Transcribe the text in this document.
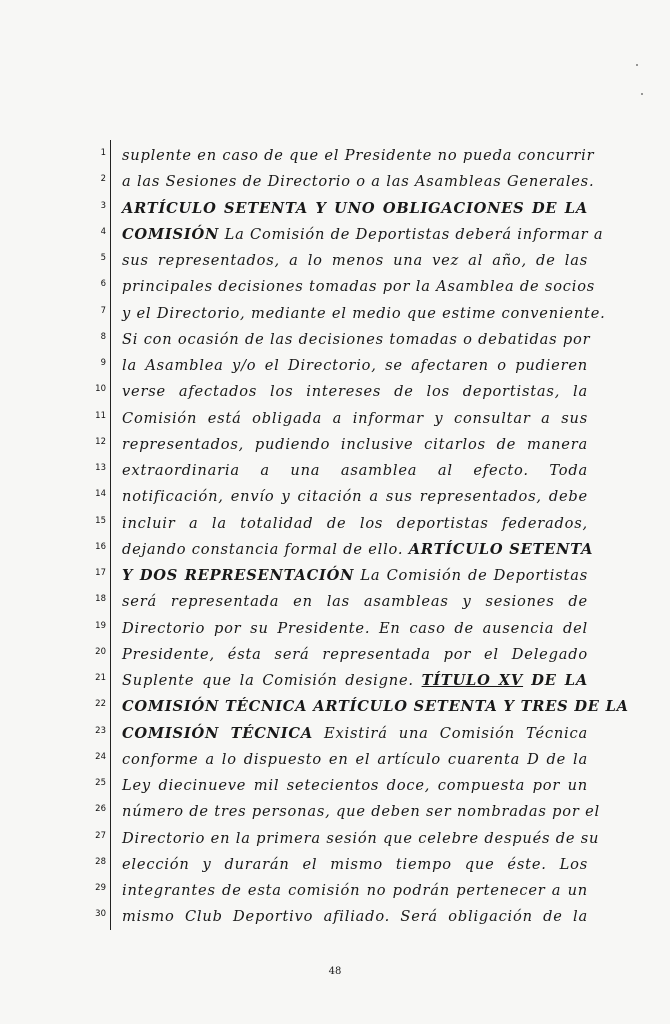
1 suplente en caso de que el Presidente no pueda concurrir
2 a las Sesiones de Directorio o a las Asambleas Generales.
3 ARTÍCULO SETENTA Y UNO OBLIGACIONES DE LA
4 COMISIÓN La Comisión de Deportistas deberá informar a
5 sus representados, a lo menos una vez al año, de las
6 principales decisiones tomadas por la Asamblea de socios
7 y el Directorio, mediante el medio que estime conveniente.
8 Si con ocasión de las decisiones tomadas o debatidas por
9 la Asamblea y/o el Directorio, se afectaren o pudieren
10 verse afectados los intereses de los deportistas, la
11 Comisión está obligada a informar y consultar a sus
12 representados, pudiendo inclusive citarlos de manera
13 extraordinaria a una asamblea al efecto. Toda
14 notificación, envío y citación a sus representados, debe
15 incluir a la totalidad de los deportistas federados,
16 dejando constancia formal de ello. ARTÍCULO SETENTA
17 Y DOS REPRESENTACIÓN La Comisión de Deportistas
18 será representada en las asambleas y sesiones de
19 Directorio por su Presidente. En caso de ausencia del
20 Presidente, ésta será representada por el Delegado
21 Suplente que la Comisión designe. TÍTULO XV DE LA
22 COMISIÓN TÉCNICA ARTÍCULO SETENTA Y TRES DE LA
23 COMISIÓN TÉCNICA Existirá una Comisión Técnica
24 conforme a lo dispuesto en el artículo cuarenta D de la
25 Ley diecinueve mil setecientos doce, compuesta por un
26 número de tres personas, que deben ser nombradas por el
27 Directorio en la primera sesión que celebre después de su
28 elección y durarán el mismo tiempo que éste. Los
29 integrantes de esta comisión no podrán pertenecer a un
30 mismo Club Deportivo afiliado. Será obligación de la
48
